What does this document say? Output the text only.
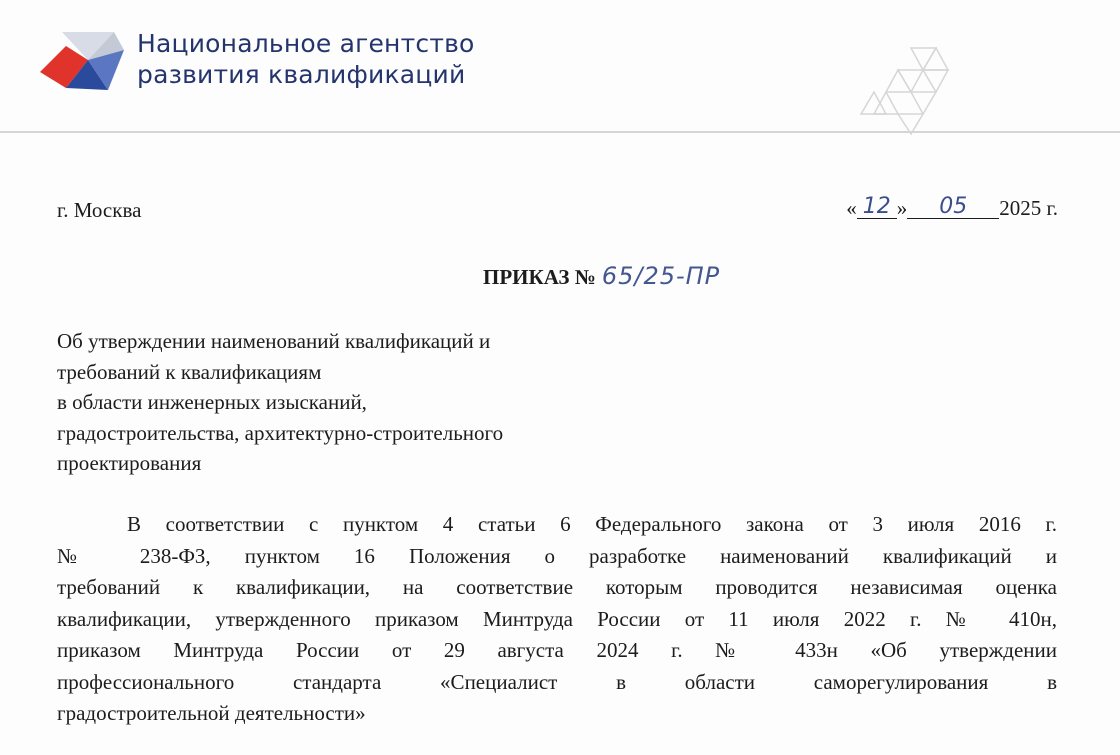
Национальное агентство
развития квалификаций
г. Москва	« 12 » 05 2025 г.
ПРИКАЗ № 65/25-ПР
Об утверждении наименований квалификаций и
требований к квалификациям
в области инженерных изысканий,
градостроительства, архитектурно-строительного
проектирования
В соответствии с пунктом 4 статьи 6 Федерального закона от 3 июля 2016 г.
№ 238-ФЗ, пунктом 16 Положения о разработке наименований квалификаций и
требований к квалификации, на соответствие которым проводится независимая оценка
квалификации, утвержденного приказом Минтруда России от 11 июля 2022 г. № 410н,
приказом Минтруда России от 29 августа 2024 г. № 433н «Об утверждении
профессионального стандарта «Специалист в области саморегулирования в
градостроительной деятельности»
